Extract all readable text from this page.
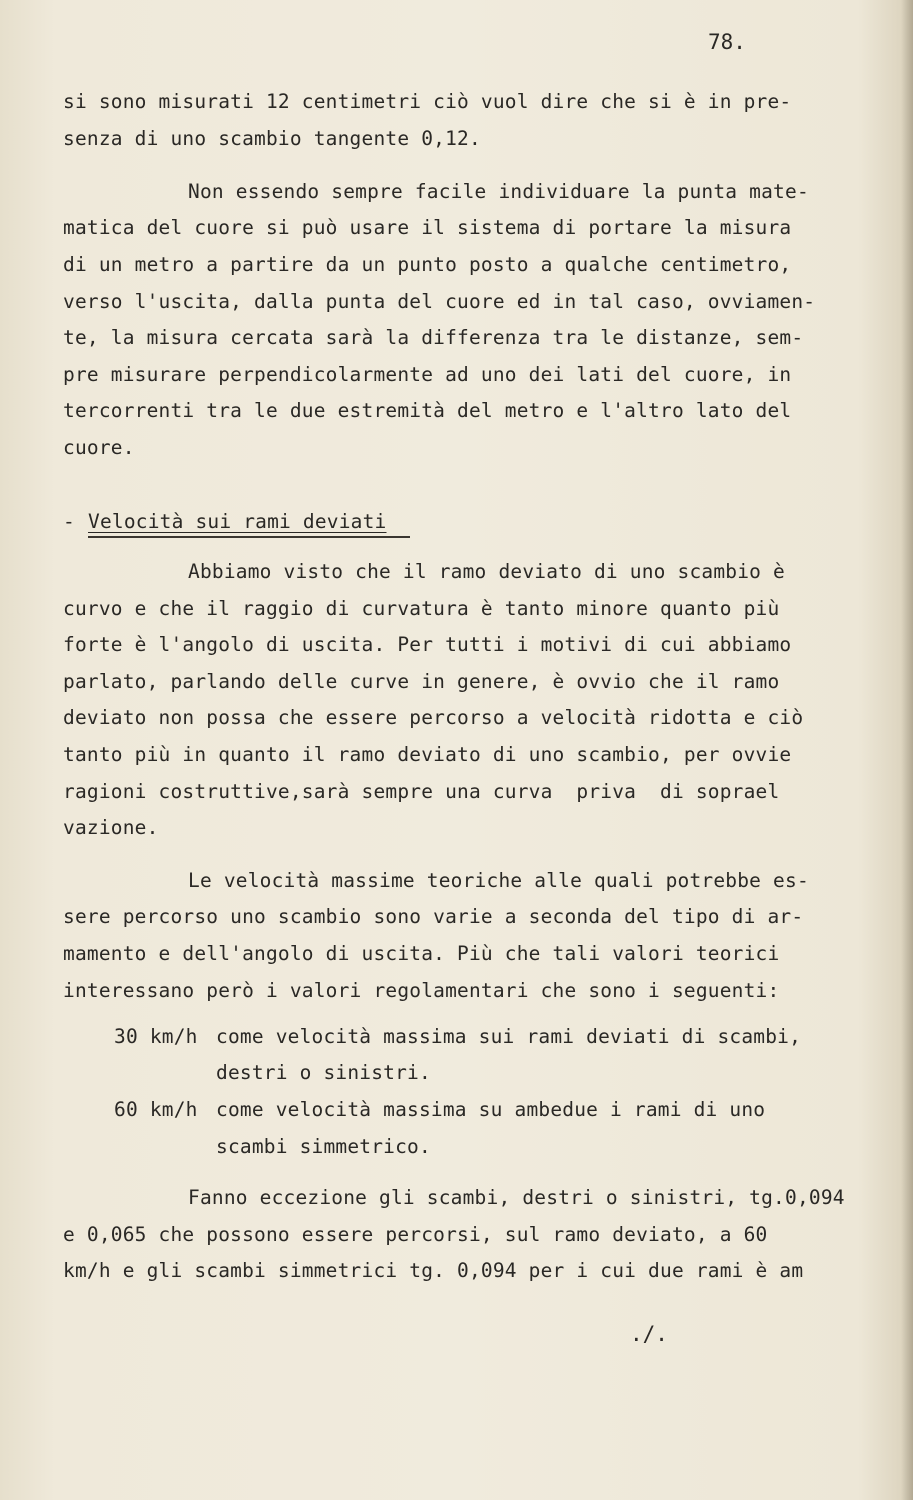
78.
si sono misurati 12 centimetri ciò vuol dire che si è in pre-
senza di uno scambio tangente 0,12.
Non essendo sempre facile individuare la punta mate-
matica del cuore si può usare il sistema di portare la misura
di un metro a partire da un punto posto a qualche centimetro,
verso l'uscita, dalla punta del cuore ed in tal caso, ovviamen-
te, la misura cercata sarà la differenza tra le distanze, sem-
pre misurare perpendicolarmente ad uno dei lati del cuore, in
tercorrenti tra le due estremità del metro e l'altro lato del
cuore.
- Velocità sui rami deviati
Abbiamo visto che il ramo deviato di uno scambio è
curvo e che il raggio di curvatura è tanto minore quanto più
forte è l'angolo di uscita. Per tutti i motivi di cui abbiamo
parlato, parlando delle curve in genere, è ovvio che il ramo
deviato non possa che essere percorso a velocità ridotta e ciò
tanto più in quanto il ramo deviato di uno scambio, per ovvie
ragioni costruttive,sarà sempre una curva  priva  di soprael
vazione.
Le velocità massime teoriche alle quali potrebbe es-
sere percorso uno scambio sono varie a seconda del tipo di ar-
mamento e dell'angolo di uscita. Più che tali valori teorici
interessano però i valori regolamentari che sono i seguenti:
30 km/h come velocità massima sui rami deviati di scambi,
destri o sinistri.
60 km/h come velocità massima su ambedue i rami di uno
scambi simmetrico.
Fanno eccezione gli scambi, destri o sinistri, tg.0,094
e 0,065 che possono essere percorsi, sul ramo deviato, a 60
km/h e gli scambi simmetrici tg. 0,094 per i cui due rami è am
./.
